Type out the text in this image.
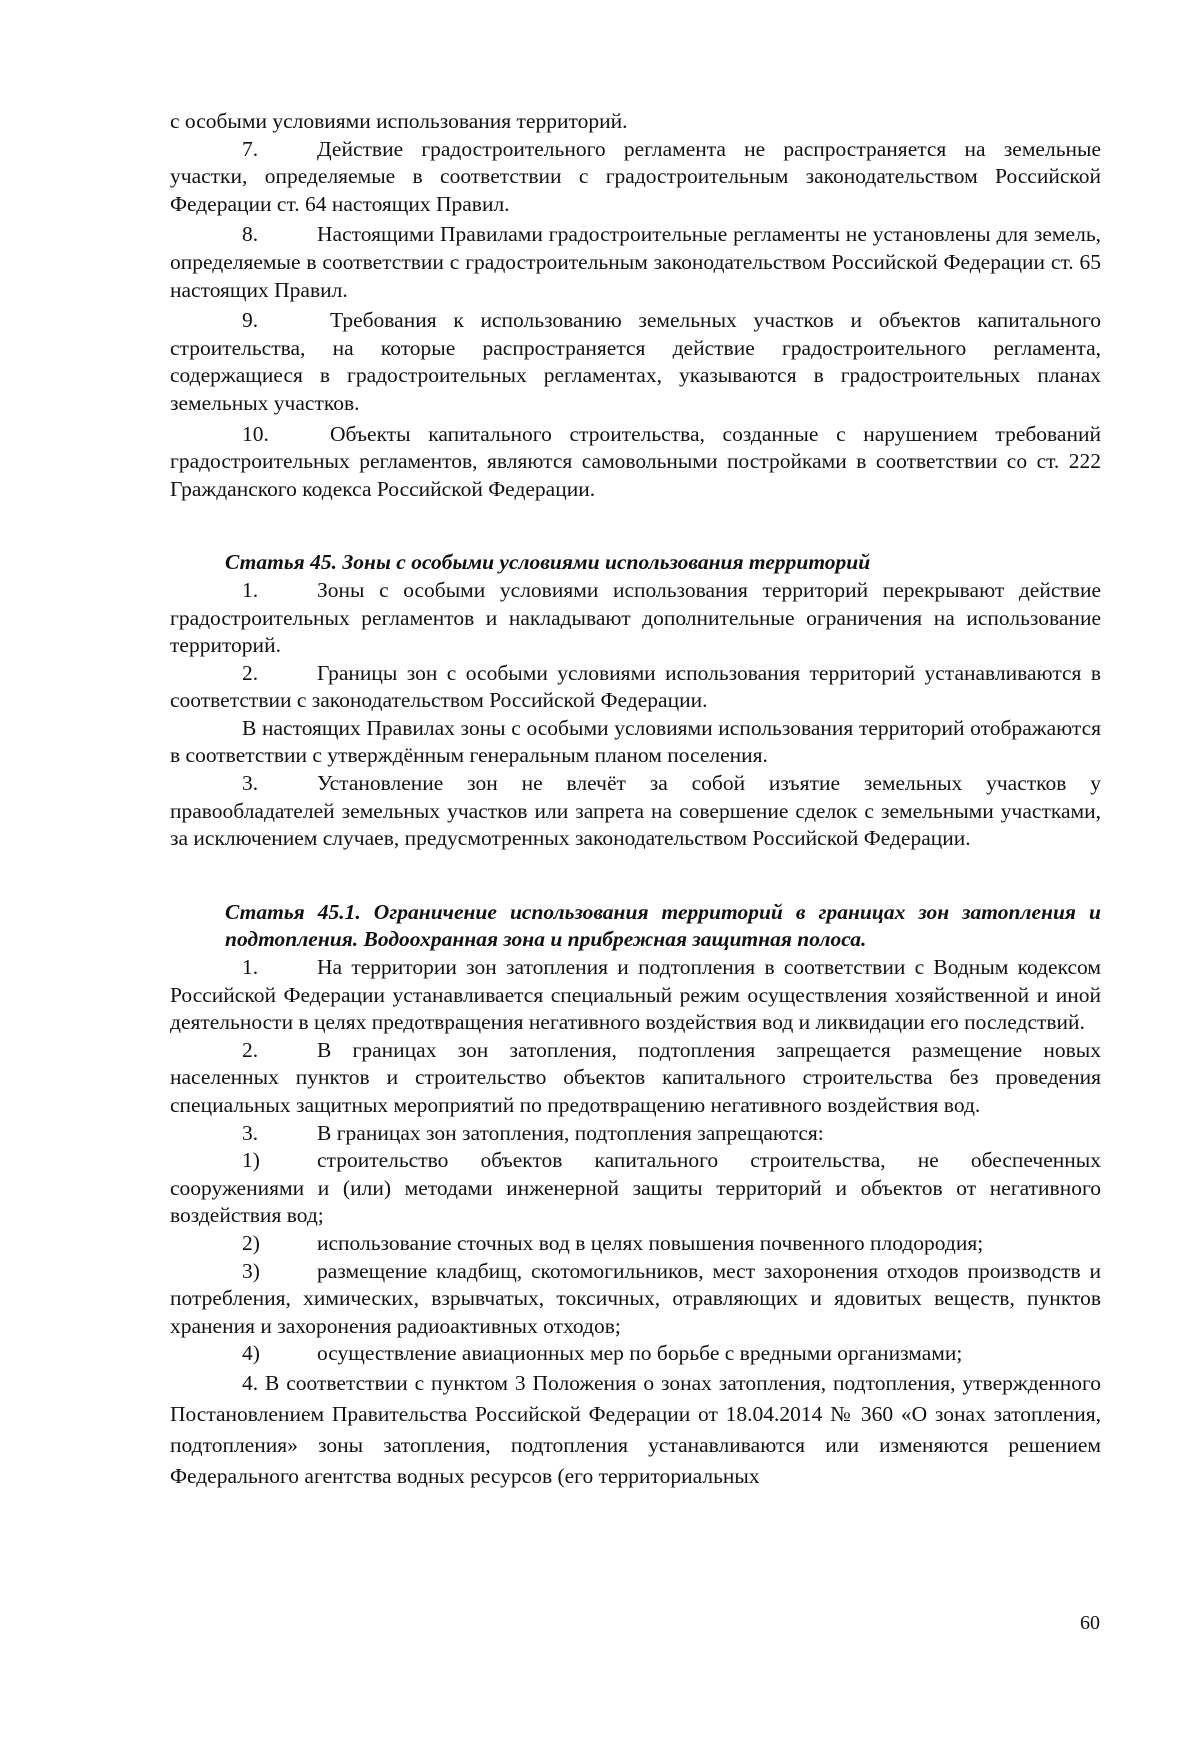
с особыми условиями использования территорий.

7.	Действие градостроительного регламента не распространяется на земельные участки, определяемые в соответствии с градостроительным законодательством Российской Федерации ст. 64 настоящих Правил.

8.	Настоящими Правилами градостроительные регламенты не установлены для земель, определяемые в соответствии с градостроительным законодательством Российской Федерации ст. 65 настоящих Правил.

9.	Требования к использованию земельных участков и объектов капитального строительства, на которые распространяется действие градостроительного регламента, содержащиеся в градостроительных регламентах, указываются в градостроительных планах земельных участков.

10.	Объекты капитального строительства, созданные с нарушением требований градостроительных регламентов, являются самовольными постройками в соответствии со ст. 222 Гражданского кодекса Российской Федерации.

Статья 45. Зоны с особыми условиями использования территорий

1.	Зоны с особыми условиями использования территорий перекрывают действие градостроительных регламентов и накладывают дополнительные ограничения на использование территорий.

2.	Границы зон с особыми условиями использования территорий устанавливаются в соответствии с законодательством Российской Федерации.

В настоящих Правилах зоны с особыми условиями использования территорий отображаются в соответствии с утверждённым генеральным планом поселения.

3.	Установление зон не влечёт за собой изъятие земельных участков у правообладателей земельных участков или запрета на совершение сделок с земельными участками, за исключением случаев, предусмотренных законодательством Российской Федерации.

Статья 45.1. Ограничение использования территорий в границах зон затопления и подтопления. Водоохранная зона и прибрежная защитная полоса.

1.	На территории зон затопления и подтопления в соответствии с Водным кодексом Российской Федерации устанавливается специальный режим осуществления хозяйственной и иной деятельности в целях предотвращения негативного воздействия вод и ликвидации его последствий.

2.	В границах зон затопления, подтопления запрещается размещение новых населенных пунктов и строительство объектов капитального строительства без проведения специальных защитных мероприятий по предотвращению негативного воздействия вод.

3.	В границах зон затопления, подтопления запрещаются:

1)	строительство объектов капитального строительства, не обеспеченных сооружениями и (или) методами инженерной защиты территорий и объектов от негативного воздействия вод;

2)	использование сточных вод в целях повышения почвенного плодородия;

3)	размещение кладбищ, скотомогильников, мест захоронения отходов производств и потребления, химических, взрывчатых, токсичных, отравляющих и ядовитых веществ, пунктов хранения и захоронения радиоактивных отходов;

4)	осуществление авиационных мер по борьбе с вредными организмами;

4. В соответствии с пунктом 3 Положения о зонах затопления, подтопления, утвержденного Постановлением Правительства Российской Федерации от 18.04.2014 № 360 «О зонах затопления, подтопления» зоны затопления, подтопления устанавливаются или изменяются решением Федерального агентства водных ресурсов (его территориальных

60
